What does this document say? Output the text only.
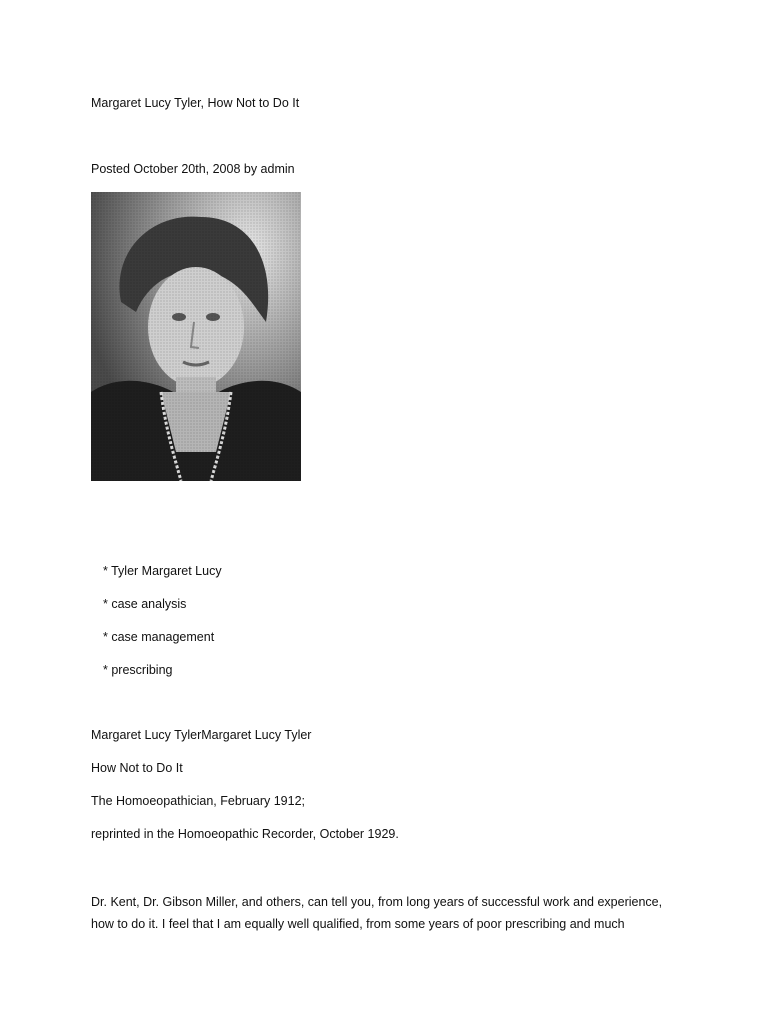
Margaret Lucy Tyler, How Not to Do It
Posted October 20th, 2008 by admin
* Tyler Margaret Lucy
* case analysis
* case management
* prescribing
Margaret Lucy TylerMargaret Lucy Tyler
How Not to Do It
The Homoeopathician, February 1912;
reprinted in the Homoeopathic Recorder, October 1929.
Dr. Kent, Dr. Gibson Miller, and others, can tell you, from long years of successful work and experience,
how to do it. I feel that I am equally well qualified, from some years of poor prescribing and much
